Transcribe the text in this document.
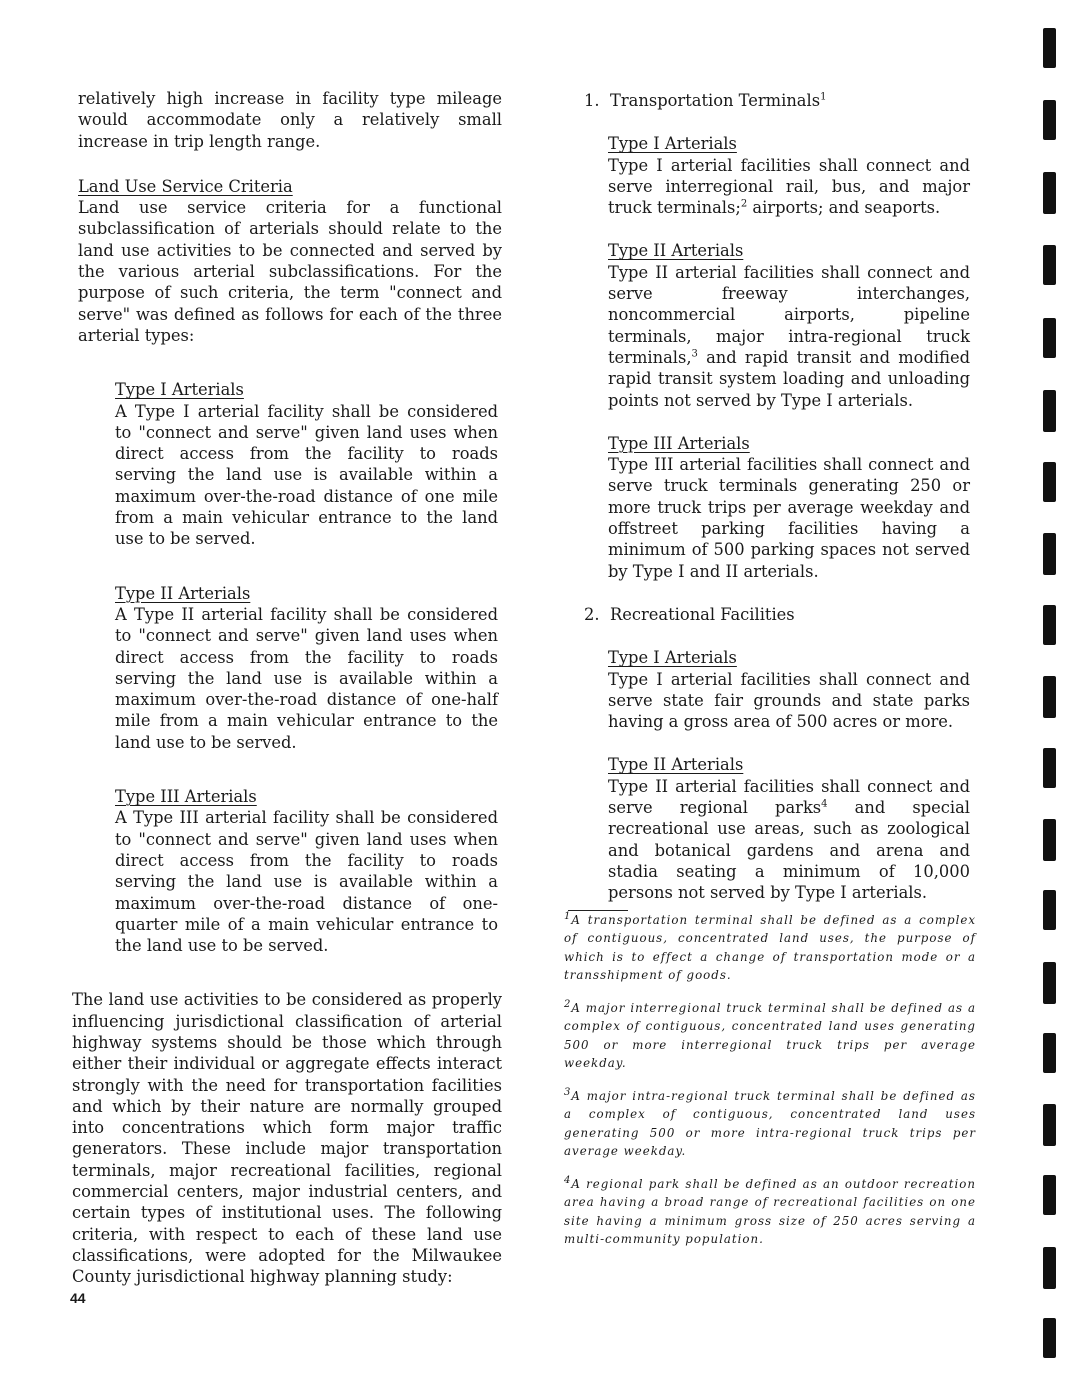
relatively high increase in facility type mileage would accommodate only a relatively small increase in trip length range.

Land Use Service Criteria

Land use service criteria for a functional subclassification of arterials should relate to the land use activities to be connected and served by the various arterial subclassifications. For the purpose of such criteria, the term "connect and serve" was defined as follows for each of the three arterial types:

Type I Arterials

A Type I arterial facility shall be considered to "connect and serve" given land uses when direct access from the facility to roads serving the land use is available within a maximum over-the-road distance of one mile from a main vehicular entrance to the land use to be served.

Type II Arterials

A Type II arterial facility shall be considered to "connect and serve" given land uses when direct access from the facility to roads serving the land use is available within a maximum over-the-road distance of one-half mile from a main vehicular entrance to the land use to be served.

Type III Arterials

A Type III arterial facility shall be considered to "connect and serve" given land uses when direct access from the facility to roads serving the land use is available within a maximum over-the-road distance of one-quarter mile of a main vehicular entrance to the land use to be served.

The land use activities to be considered as properly influencing jurisdictional classification of arterial highway systems should be those which through either their individual or aggregate effects interact strongly with the need for transportation facilities and which by their nature are normally grouped into concentrations which form major traffic generators. These include major transportation terminals, major recreational facilities, regional commercial centers, major industrial centers, and certain types of institutional uses. The following criteria, with respect to each of these land use classifications, were adopted for the Milwaukee County jurisdictional highway planning study:

1. Transportation Terminals$^1$

Type I Arterials

Type I arterial facilities shall connect and serve interregional rail, bus, and major truck terminals;$^2$ airports; and seaports.

Type II Arterials

Type II arterial facilities shall connect and serve freeway interchanges, noncommercial airports, pipeline terminals, major intra-regional truck terminals,$^3$ and rapid transit and modified rapid transit system loading and unloading points not served by Type I arterials.

Type III Arterials

Type III arterial facilities shall connect and serve truck terminals generating 250 or more truck trips per average weekday and offstreet parking facilities having a minimum of 500 parking spaces not served by Type I and II arterials.

2. Recreational Facilities

Type I Arterials

Type I arterial facilities shall connect and serve state fair grounds and state parks having a gross area of 500 acres or more.

Type II Arterials

Type II arterial facilities shall connect and serve regional parks$^4$ and special recreational use areas, such as zoological and botanical gardens and arena and stadia seating a minimum of 10,000 persons not served by Type I arterials.

$^1$A transportation terminal shall be defined as a complex of contiguous, concentrated land uses, the purpose of which is to effect a change of transportation mode or a transshipment of goods.

$^2$A major interregional truck terminal shall be defined as a complex of contiguous, concentrated land uses generating 500 or more interregional truck trips per average weekday.

$^3$A major intra-regional truck terminal shall be defined as a complex of contiguous, concentrated land uses generating 500 or more intra-regional truck trips per average weekday.

$^4$A regional park shall be defined as an outdoor recreation area having a broad range of recreational facilities on one site having a minimum gross size of 250 acres serving a multi-community population.

44
